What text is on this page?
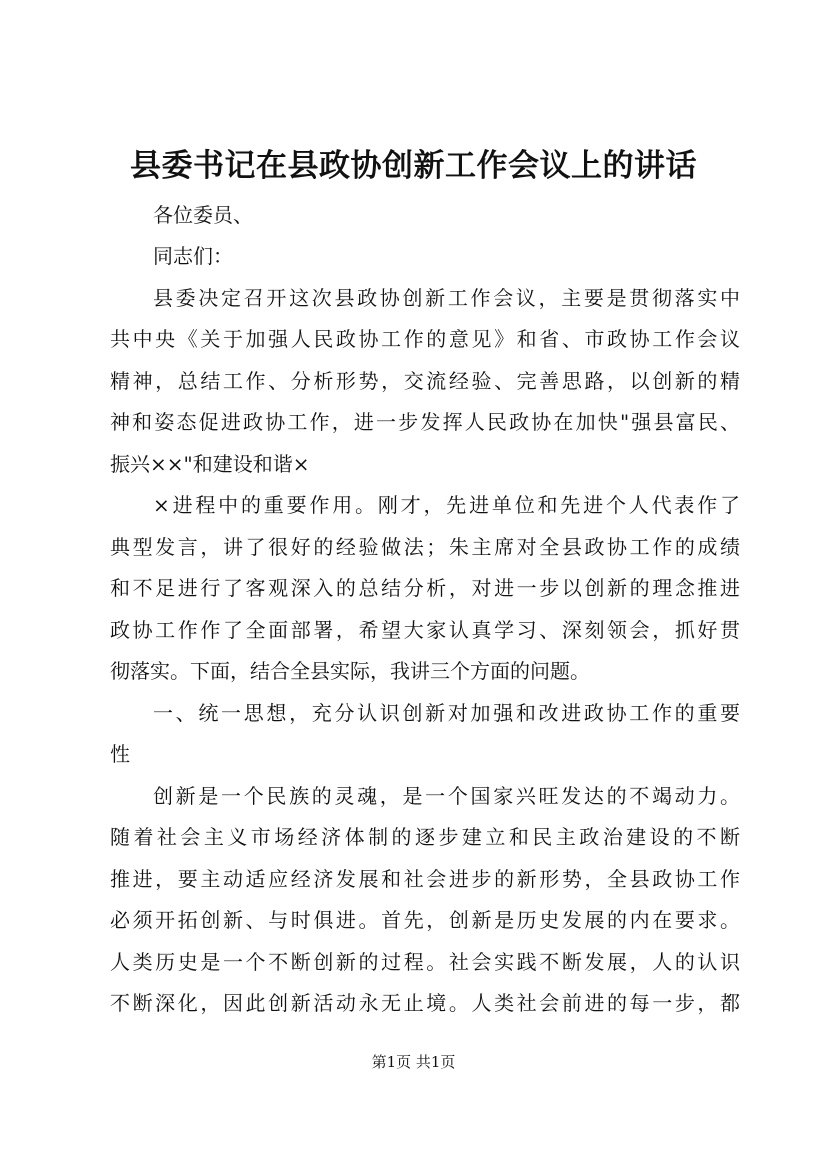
县委书记在县政协创新工作会议上的讲话
各位委员、
同志们：
县委决定召开这次县政协创新工作会议，主要是贯彻落实中
共中央《关于加强人民政协工作的意见》和省、市政协工作会议
精神，总结工作、分析形势，交流经验、完善思路，以创新的精
神和姿态促进政协工作，进一步发挥人民政协在加快"强县富民、
振兴××"和建设和谐×
×进程中的重要作用。刚才，先进单位和先进个人代表作了
典型发言，讲了很好的经验做法；朱主席对全县政协工作的成绩
和不足进行了客观深入的总结分析，对进一步以创新的理念推进
政协工作作了全面部署，希望大家认真学习、深刻领会，抓好贯
彻落实。下面，结合全县实际，我讲三个方面的问题。
一、统一思想，充分认识创新对加强和改进政协工作的重要
性
创新是一个民族的灵魂，是一个国家兴旺发达的不竭动力。
随着社会主义市场经济体制的逐步建立和民主政治建设的不断
推进，要主动适应经济发展和社会进步的新形势，全县政协工作
必须开拓创新、与时俱进。首先，创新是历史发展的内在要求。
人类历史是一个不断创新的过程。社会实践不断发展，人的认识
不断深化，因此创新活动永无止境。人类社会前进的每一步，都
第1页 共1页
